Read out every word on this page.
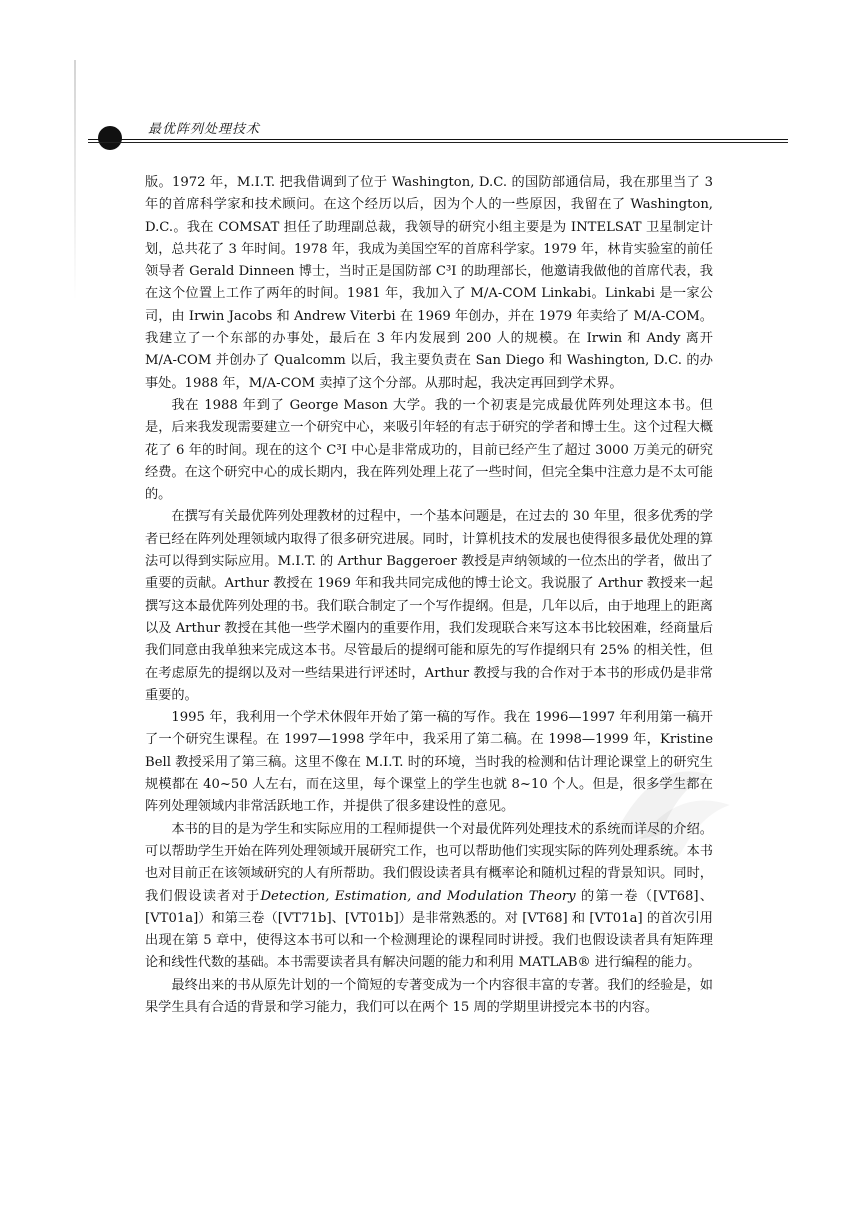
最优阵列处理技术

版。1972 年，M.I.T. 把我借调到了位于 Washington, D.C. 的国防部通信局，我在那里当了 3 年的首席科学家和技术顾问。在这个经历以后，因为个人的一些原因，我留在了 Washington, D.C.。我在 COMSAT 担任了助理副总裁，我领导的研究小组主要是为 INTELSAT 卫星制定计划，总共花了 3 年时间。1978 年，我成为美国空军的首席科学家。1979 年，林肯实验室的前任领导者 Gerald Dinneen 博士，当时正是国防部 C³I 的助理部长，他邀请我做他的首席代表，我在这个位置上工作了两年的时间。1981 年，我加入了 M/A-COM Linkabi。Linkabi 是一家公司，由 Irwin Jacobs 和 Andrew Viterbi 在 1969 年创办，并在 1979 年卖给了 M/A-COM。我建立了一个东部的办事处，最后在 3 年内发展到 200 人的规模。在 Irwin 和 Andy 离开 M/A-COM 并创办了 Qualcomm 以后，我主要负责在 San Diego 和 Washington, D.C. 的办事处。1988 年，M/A-COM 卖掉了这个分部。从那时起，我决定再回到学术界。

我在 1988 年到了 George Mason 大学。我的一个初衷是完成最优阵列处理这本书。但是，后来我发现需要建立一个研究中心，来吸引年轻的有志于研究的学者和博士生。这个过程大概花了 6 年的时间。现在的这个 C³I 中心是非常成功的，目前已经产生了超过 3000 万美元的研究经费。在这个研究中心的成长期内，我在阵列处理上花了一些时间，但完全集中注意力是不太可能的。

在撰写有关最优阵列处理教材的过程中，一个基本问题是，在过去的 30 年里，很多优秀的学者已经在阵列处理领域内取得了很多研究进展。同时，计算机技术的发展也使得很多最优处理的算法可以得到实际应用。M.I.T. 的 Arthur Baggeroer 教授是声纳领域的一位杰出的学者，做出了重要的贡献。Arthur 教授在 1969 年和我共同完成他的博士论文。我说服了 Arthur 教授来一起撰写这本最优阵列处理的书。我们联合制定了一个写作提纲。但是，几年以后，由于地理上的距离以及 Arthur 教授在其他一些学术圈内的重要作用，我们发现联合来写这本书比较困难，经商量后我们同意由我单独来完成这本书。尽管最后的提纲可能和原先的写作提纲只有 25% 的相关性，但在考虑原先的提纲以及对一些结果进行评述时，Arthur 教授与我的合作对于本书的形成仍是非常重要的。

1995 年，我利用一个学术休假年开始了第一稿的写作。我在 1996—1997 年利用第一稿开了一个研究生课程。在 1997—1998 学年中，我采用了第二稿。在 1998—1999 年，Kristine Bell 教授采用了第三稿。这里不像在 M.I.T. 时的环境，当时我的检测和估计理论课堂上的研究生规模都在 40~50 人左右，而在这里，每个课堂上的学生也就 8~10 个人。但是，很多学生都在阵列处理领域内非常活跃地工作，并提供了很多建设性的意见。

本书的目的是为学生和实际应用的工程师提供一个对最优阵列处理技术的系统而详尽的介绍。可以帮助学生开始在阵列处理领域开展研究工作，也可以帮助他们实现实际的阵列处理系统。本书也对目前正在该领域研究的人有所帮助。我们假设读者具有概率论和随机过程的背景知识。同时，我们假设读者对于Detection, Estimation, and Modulation Theory 的第一卷（[VT68]、[VT01a]）和第三卷（[VT71b]、[VT01b]）是非常熟悉的。对 [VT68] 和 [VT01a] 的首次引用出现在第 5 章中，使得这本书可以和一个检测理论的课程同时讲授。我们也假设读者具有矩阵理论和线性代数的基础。本书需要读者具有解决问题的能力和利用 MATLAB® 进行编程的能力。

最终出来的书从原先计划的一个简短的专著变成为一个内容很丰富的专著。我们的经验是，如果学生具有合适的背景和学习能力，我们可以在两个 15 周的学期里讲授完本书的内容。
